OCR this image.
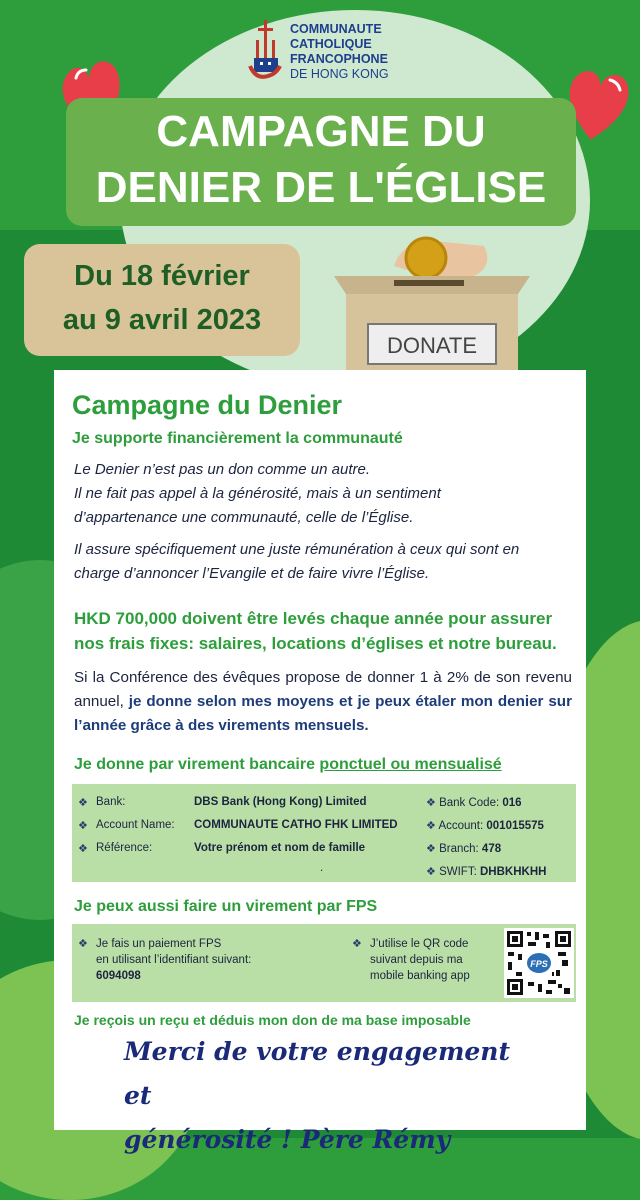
COMMUNAUTE
CATHOLIQUE
FRANCOPHONE
DE HONG KONG
CAMPAGNE DU
DENIER DE L'ÉGLISE
Du 18 février
au 9 avril 2023
DONATE
Campagne du Denier
Je supporte financièrement la communauté
Le Denier n’est pas un don comme un autre.
Il ne fait pas appel à la générosité, mais à un sentiment
d’appartenance une communauté, celle de l’Église.
Il assure spécifiquement une juste rémunération à ceux qui sont en
charge d’annoncer l’Evangile et de faire vivre l’Église.
HKD 700,000 doivent être levés chaque année pour assurer
nos frais fixes: salaires, locations d’églises et notre bureau.
Si la Conférence des évêques propose de donner 1 à 2% de son revenu annuel, je donne selon mes moyens et je peux étaler mon denier sur l’année grâce à des virements mensuels.
Je donne par virement bancaire ponctuel ou mensualisé
❖ Bank:	DBS Bank (Hong Kong) Limited
❖ Account Name: COMMUNAUTE CATHO FHK LIMITED
❖ Référence:	Votre prénom et nom de famille
.
❖ Bank Code: 016
❖ Account: 001015575
❖ Branch: 478
❖ SWIFT: DHBKHKHH
Je peux aussi faire un virement par FPS
❖ Je fais un paiement FPS
en utilisant l’identifiant suivant:
6094098
❖ J’utilise le QR code
suivant depuis ma
mobile banking app
FPS
Je reçois un reçu et déduis mon don de ma base imposable
Merci de votre engagement et
générosité ! Père Rémy
